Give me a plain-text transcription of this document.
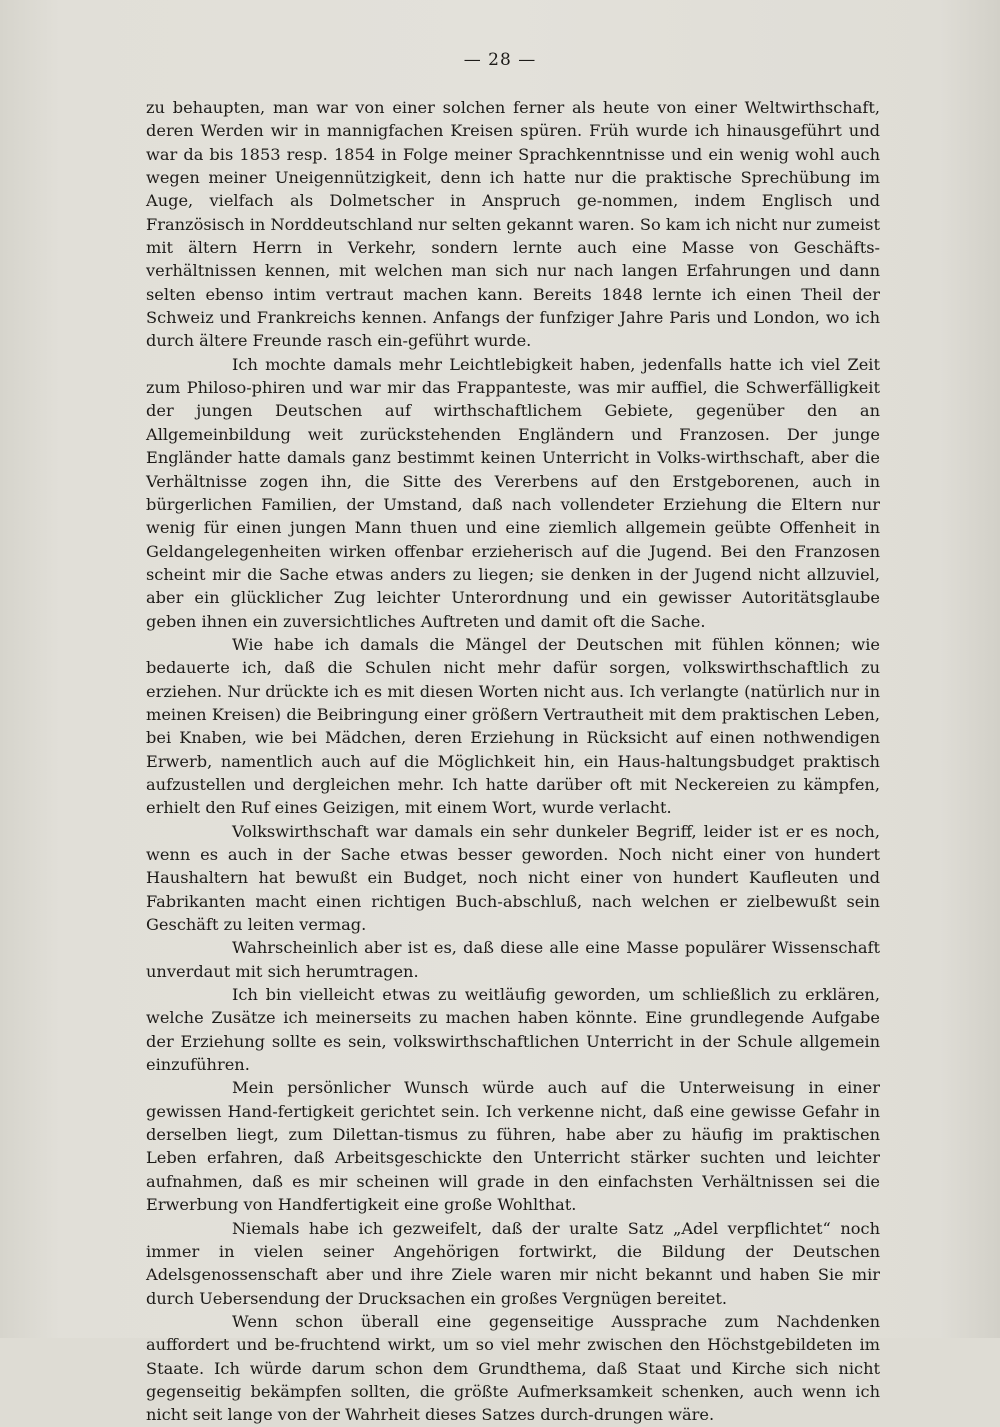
— 28 —

zu behaupten, man war von einer solchen ferner als heute von einer Weltwirthschaft, deren Werden wir in mannigfachen Kreisen spüren. Früh wurde ich hinausgeführt und war da bis 1853 resp. 1854 in Folge meiner Sprachkenntnisse und ein wenig wohl auch wegen meiner Uneigennützigkeit, denn ich hatte nur die praktische Sprechübung im Auge, vielfach als Dolmetscher in Anspruch ge-nommen, indem Englisch und Französisch in Norddeutschland nur selten gekannt waren. So kam ich nicht nur zumeist mit ältern Herrn in Verkehr, sondern lernte auch eine Masse von Geschäfts-verhältnissen kennen, mit welchen man sich nur nach langen Erfahrungen und dann selten ebenso intim vertraut machen kann. Bereits 1848 lernte ich einen Theil der Schweiz und Frankreichs kennen. Anfangs der funfziger Jahre Paris und London, wo ich durch ältere Freunde rasch ein-geführt wurde.

Ich mochte damals mehr Leichtlebigkeit haben, jedenfalls hatte ich viel Zeit zum Philoso-phiren und war mir das Frappanteste, was mir auffiel, die Schwerfälligkeit der jungen Deutschen auf wirthschaftlichem Gebiete, gegenüber den an Allgemeinbildung weit zurückstehenden Engländern und Franzosen. Der junge Engländer hatte damals ganz bestimmt keinen Unterricht in Volks-wirthschaft, aber die Verhältnisse zogen ihn, die Sitte des Vererbens auf den Erstgeborenen, auch in bürgerlichen Familien, der Umstand, daß nach vollendeter Erziehung die Eltern nur wenig für einen jungen Mann thuen und eine ziemlich allgemein geübte Offenheit in Geldangelegenheiten wirken offenbar erzieherisch auf die Jugend. Bei den Franzosen scheint mir die Sache etwas anders zu liegen; sie denken in der Jugend nicht allzuviel, aber ein glücklicher Zug leichter Unterordnung und ein gewisser Autoritätsglaube geben ihnen ein zuversichtliches Auftreten und damit oft die Sache.

Wie habe ich damals die Mängel der Deutschen mit fühlen können; wie bedauerte ich, daß die Schulen nicht mehr dafür sorgen, volkswirthschaftlich zu erziehen. Nur drückte ich es mit diesen Worten nicht aus. Ich verlangte (natürlich nur in meinen Kreisen) die Beibringung einer größern Vertrautheit mit dem praktischen Leben, bei Knaben, wie bei Mädchen, deren Erziehung in Rücksicht auf einen nothwendigen Erwerb, namentlich auch auf die Möglichkeit hin, ein Haus-haltungsbudget praktisch aufzustellen und dergleichen mehr. Ich hatte darüber oft mit Neckereien zu kämpfen, erhielt den Ruf eines Geizigen, mit einem Wort, wurde verlacht.

Volkswirthschaft war damals ein sehr dunkeler Begriff, leider ist er es noch, wenn es auch in der Sache etwas besser geworden. Noch nicht einer von hundert Haushaltern hat bewußt ein Budget, noch nicht einer von hundert Kaufleuten und Fabrikanten macht einen richtigen Buch-abschluß, nach welchen er zielbewußt sein Geschäft zu leiten vermag.

Wahrscheinlich aber ist es, daß diese alle eine Masse populärer Wissenschaft unverdaut mit sich herumtragen.

Ich bin vielleicht etwas zu weitläufig geworden, um schließlich zu erklären, welche Zusätze ich meinerseits zu machen haben könnte. Eine grundlegende Aufgabe der Erziehung sollte es sein, volkswirthschaftlichen Unterricht in der Schule allgemein einzuführen.

Mein persönlicher Wunsch würde auch auf die Unterweisung in einer gewissen Hand-fertigkeit gerichtet sein. Ich verkenne nicht, daß eine gewisse Gefahr in derselben liegt, zum Dilettan-tismus zu führen, habe aber zu häufig im praktischen Leben erfahren, daß Arbeitsgeschickte den Unterricht stärker suchten und leichter aufnahmen, daß es mir scheinen will grade in den einfachsten Verhältnissen sei die Erwerbung von Handfertigkeit eine große Wohlthat.

Niemals habe ich gezweifelt, daß der uralte Satz „Adel verpflichtet“ noch immer in vielen seiner Angehörigen fortwirkt, die Bildung der Deutschen Adelsgenossenschaft aber und ihre Ziele waren mir nicht bekannt und haben Sie mir durch Uebersendung der Drucksachen ein großes Vergnügen bereitet.

Wenn schon überall eine gegenseitige Aussprache zum Nachdenken auffordert und be-fruchtend wirkt, um so viel mehr zwischen den Höchstgebildeten im Staate. Ich würde darum schon dem Grundthema, daß Staat und Kirche sich nicht gegenseitig bekämpfen sollten, die größte Aufmerksamkeit schenken, auch wenn ich nicht seit lange von der Wahrheit dieses Satzes durch-drungen wäre.
